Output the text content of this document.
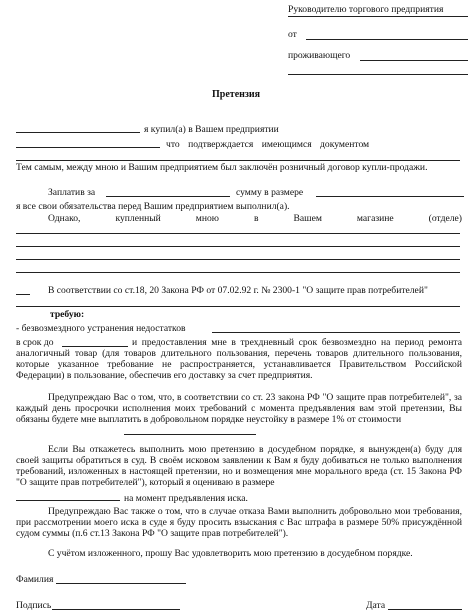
Руководителю торгового предприятия
от
проживающего
Претензия
я купил(а) в Вашем предприятии
что подтверждается имеющимся документом
Тем самым, между мною и Вашим предприятием был заключён розничный договор купли-продажи.
Заплатив за	сумму в размере
я все свои обязательства перед Вашим предприятием выполнил(а).
Однако, купленный мною в Вашем магазине (отделе)
В соответствии со ст.18, 20 Закона РФ от 07.02.92 г. № 2300-1 "О защите прав потребителей"
требую:
- безвозмездного устранения недостатков
в срок до	и предоставления мне в трехдневный срок безвозмездно на период ремонта аналогичный товар (для товаров длительного пользования, перечень товаров длительного пользования, которые указанное требование не распространяется, устанавливается Правительством Российской Федерации) в пользование, обеспечив его доставку за счет предприятия.
Предупреждаю Вас о том, что, в соответствии со ст. 23 закона РФ "О защите прав потребителей", за каждый день просрочки исполнения моих требований с момента предъявления вам этой претензии, Вы обязаны будете мне выплатить в добровольном порядке неустойку в размере 1% от стоимости
Если Вы откажетесь выполнить мою претензию в досудебном порядке, я вынужден(а) буду для своей защиты обратиться в суд. В своём исковом заявлении к Вам я буду добиваться не только выполнения требований, изложенных в настоящей претензии, но и возмещения мне морального вреда (ст. 15 Закона РФ "О защите прав потребителей"), который я оцениваю в размере
на момент предъявления иска.
Предупреждаю Вас также о том, что в случае отказа Вами выполнить добровольно мои требования, при рассмотрении моего иска в суде я буду просить взыскания с Вас штрафа в размере 50% присуждённой судом суммы (п.6 ст.13 Закона РФ "О защите прав потребителей").
С учётом изложенного, прошу Вас удовлетворить мою претензию в досудебном порядке.
Фамилия
Подпись	Дата
